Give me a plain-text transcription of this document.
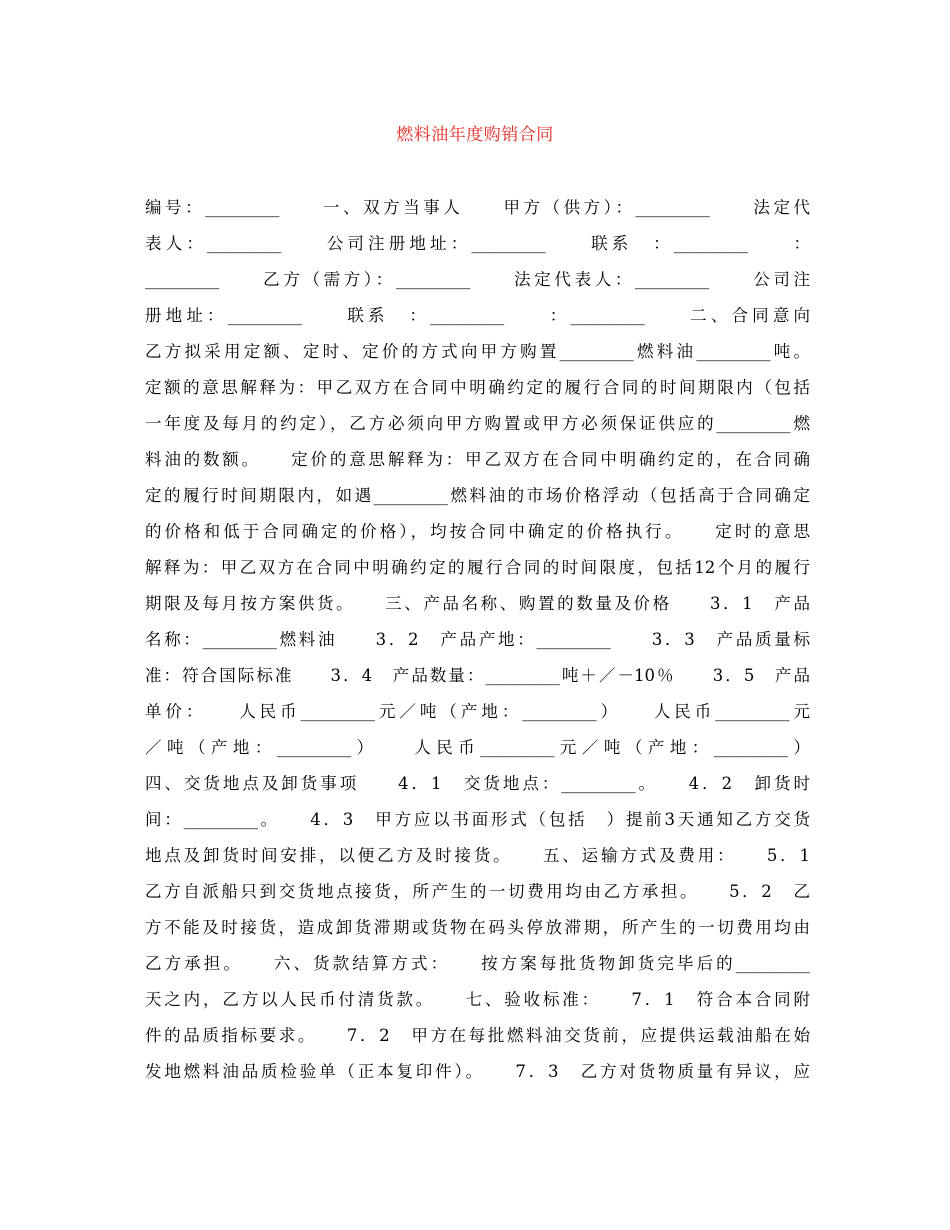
燃料油年度购销合同
编号：_________　　一、双方当事人　　甲方（供方）：_________　　法定代
表人：_________　　公司注册地址：_________　　联系　：_________　　：
_________　　乙方（需方）：_________　　法定代表人：_________　　公司注
册地址：_________　　联系　：_________　　：_________　　二、合同意向
乙方拟采用定额、定时、定价的方式向甲方购置_________燃料油_________吨。
定额的意思解释为：甲乙双方在合同中明确约定的履行合同的时间期限内（包括
一年度及每月的约定），乙方必须向甲方购置或甲方必须保证供应的_________燃
料油的数额。　　定价的意思解释为：甲乙双方在合同中明确约定的，在合同确
定的履行时间期限内，如遇_________燃料油的市场价格浮动（包括高于合同确定
的价格和低于合同确定的价格），均按合同中确定的价格执行。　　定时的意思
解释为：甲乙双方在合同中明确约定的履行合同的时间限度，包括12个月的履行
期限及每月按方案供货。　　三、产品名称、购置的数量及价格　　3．1　产品
名称：_________燃料油　　3．2　产品产地：_________　　3．3　产品质量标
准：符合国际标准　　3．4　产品数量：_________吨＋／－10％　　3．5　产品
单价：　　人民币_________元／吨（产地：_________）　　人民币_________元
／吨（产地：_________）　　人民币_________元／吨（产地：_________）
四、交货地点及卸货事项　　4．1　交货地点：_________。　　4．2　卸货时
间：_________。　　4．3　甲方应以书面形式（包括　）提前3天通知乙方交货
地点及卸货时间安排，以便乙方及时接货。　　五、运输方式及费用：　　5．1
乙方自派船只到交货地点接货，所产生的一切费用均由乙方承担。　　5．2　乙
方不能及时接货，造成卸货滞期或货物在码头停放滞期，所产生的一切费用均由
乙方承担。　　六、货款结算方式：　　按方案每批货物卸货完毕后的_________
天之内，乙方以人民币付清货款。　　七、验收标准：　　7．1　符合本合同附
件的品质指标要求。　　7．2　甲方在每批燃料油交货前，应提供运载油船在始
发地燃料油品质检验单（正本复印件）。　　7．3　乙方对货物质量有异议，应
